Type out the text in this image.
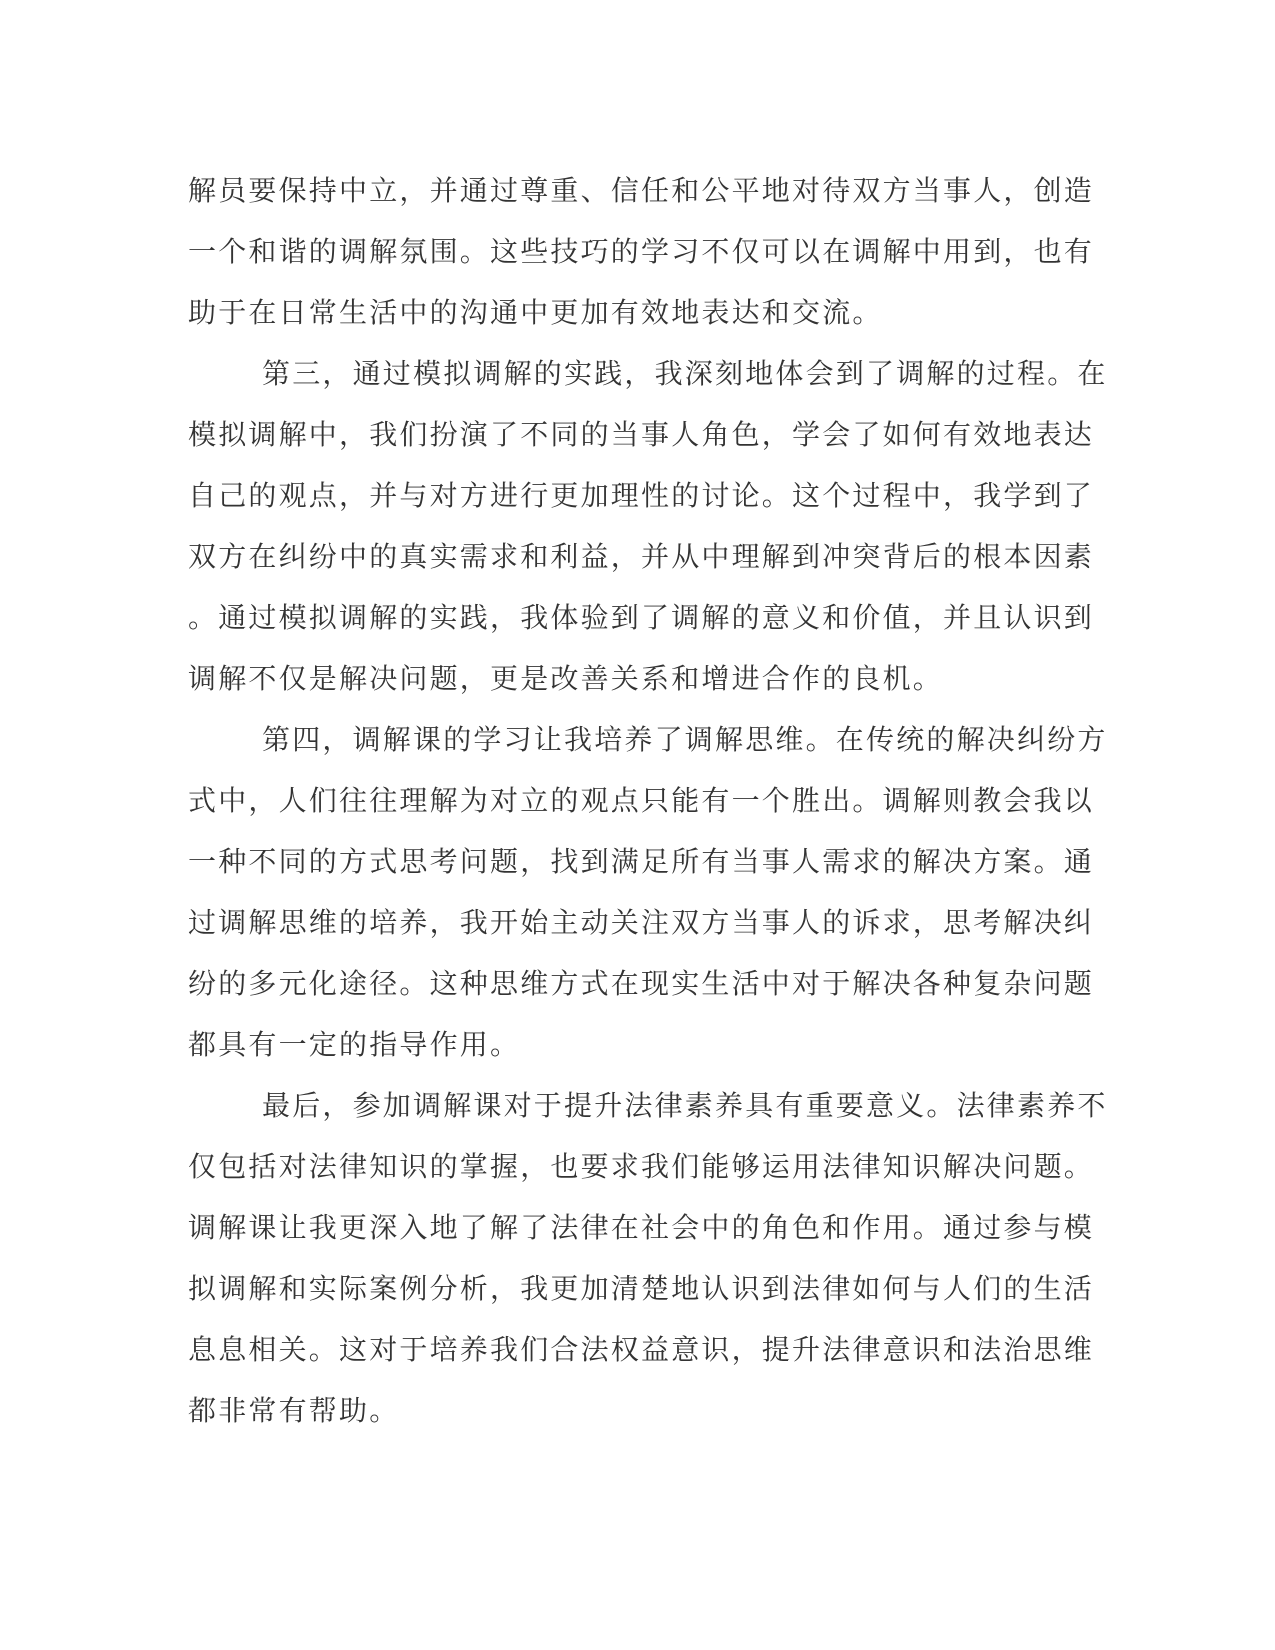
解员要保持中立，并通过尊重、信任和公平地对待双方当事人，创造
一个和谐的调解氛围。这些技巧的学习不仅可以在调解中用到，也有
助于在日常生活中的沟通中更加有效地表达和交流。
第三，通过模拟调解的实践，我深刻地体会到了调解的过程。在
模拟调解中，我们扮演了不同的当事人角色，学会了如何有效地表达
自己的观点，并与对方进行更加理性的讨论。这个过程中，我学到了
双方在纠纷中的真实需求和利益，并从中理解到冲突背后的根本因素
。通过模拟调解的实践，我体验到了调解的意义和价值，并且认识到
调解不仅是解决问题，更是改善关系和增进合作的良机。
第四，调解课的学习让我培养了调解思维。在传统的解决纠纷方
式中，人们往往理解为对立的观点只能有一个胜出。调解则教会我以
一种不同的方式思考问题，找到满足所有当事人需求的解决方案。通
过调解思维的培养，我开始主动关注双方当事人的诉求，思考解决纠
纷的多元化途径。这种思维方式在现实生活中对于解决各种复杂问题
都具有一定的指导作用。
最后，参加调解课对于提升法律素养具有重要意义。法律素养不
仅包括对法律知识的掌握，也要求我们能够运用法律知识解决问题。
调解课让我更深入地了解了法律在社会中的角色和作用。通过参与模
拟调解和实际案例分析，我更加清楚地认识到法律如何与人们的生活
息息相关。这对于培养我们合法权益意识，提升法律意识和法治思维
都非常有帮助。
